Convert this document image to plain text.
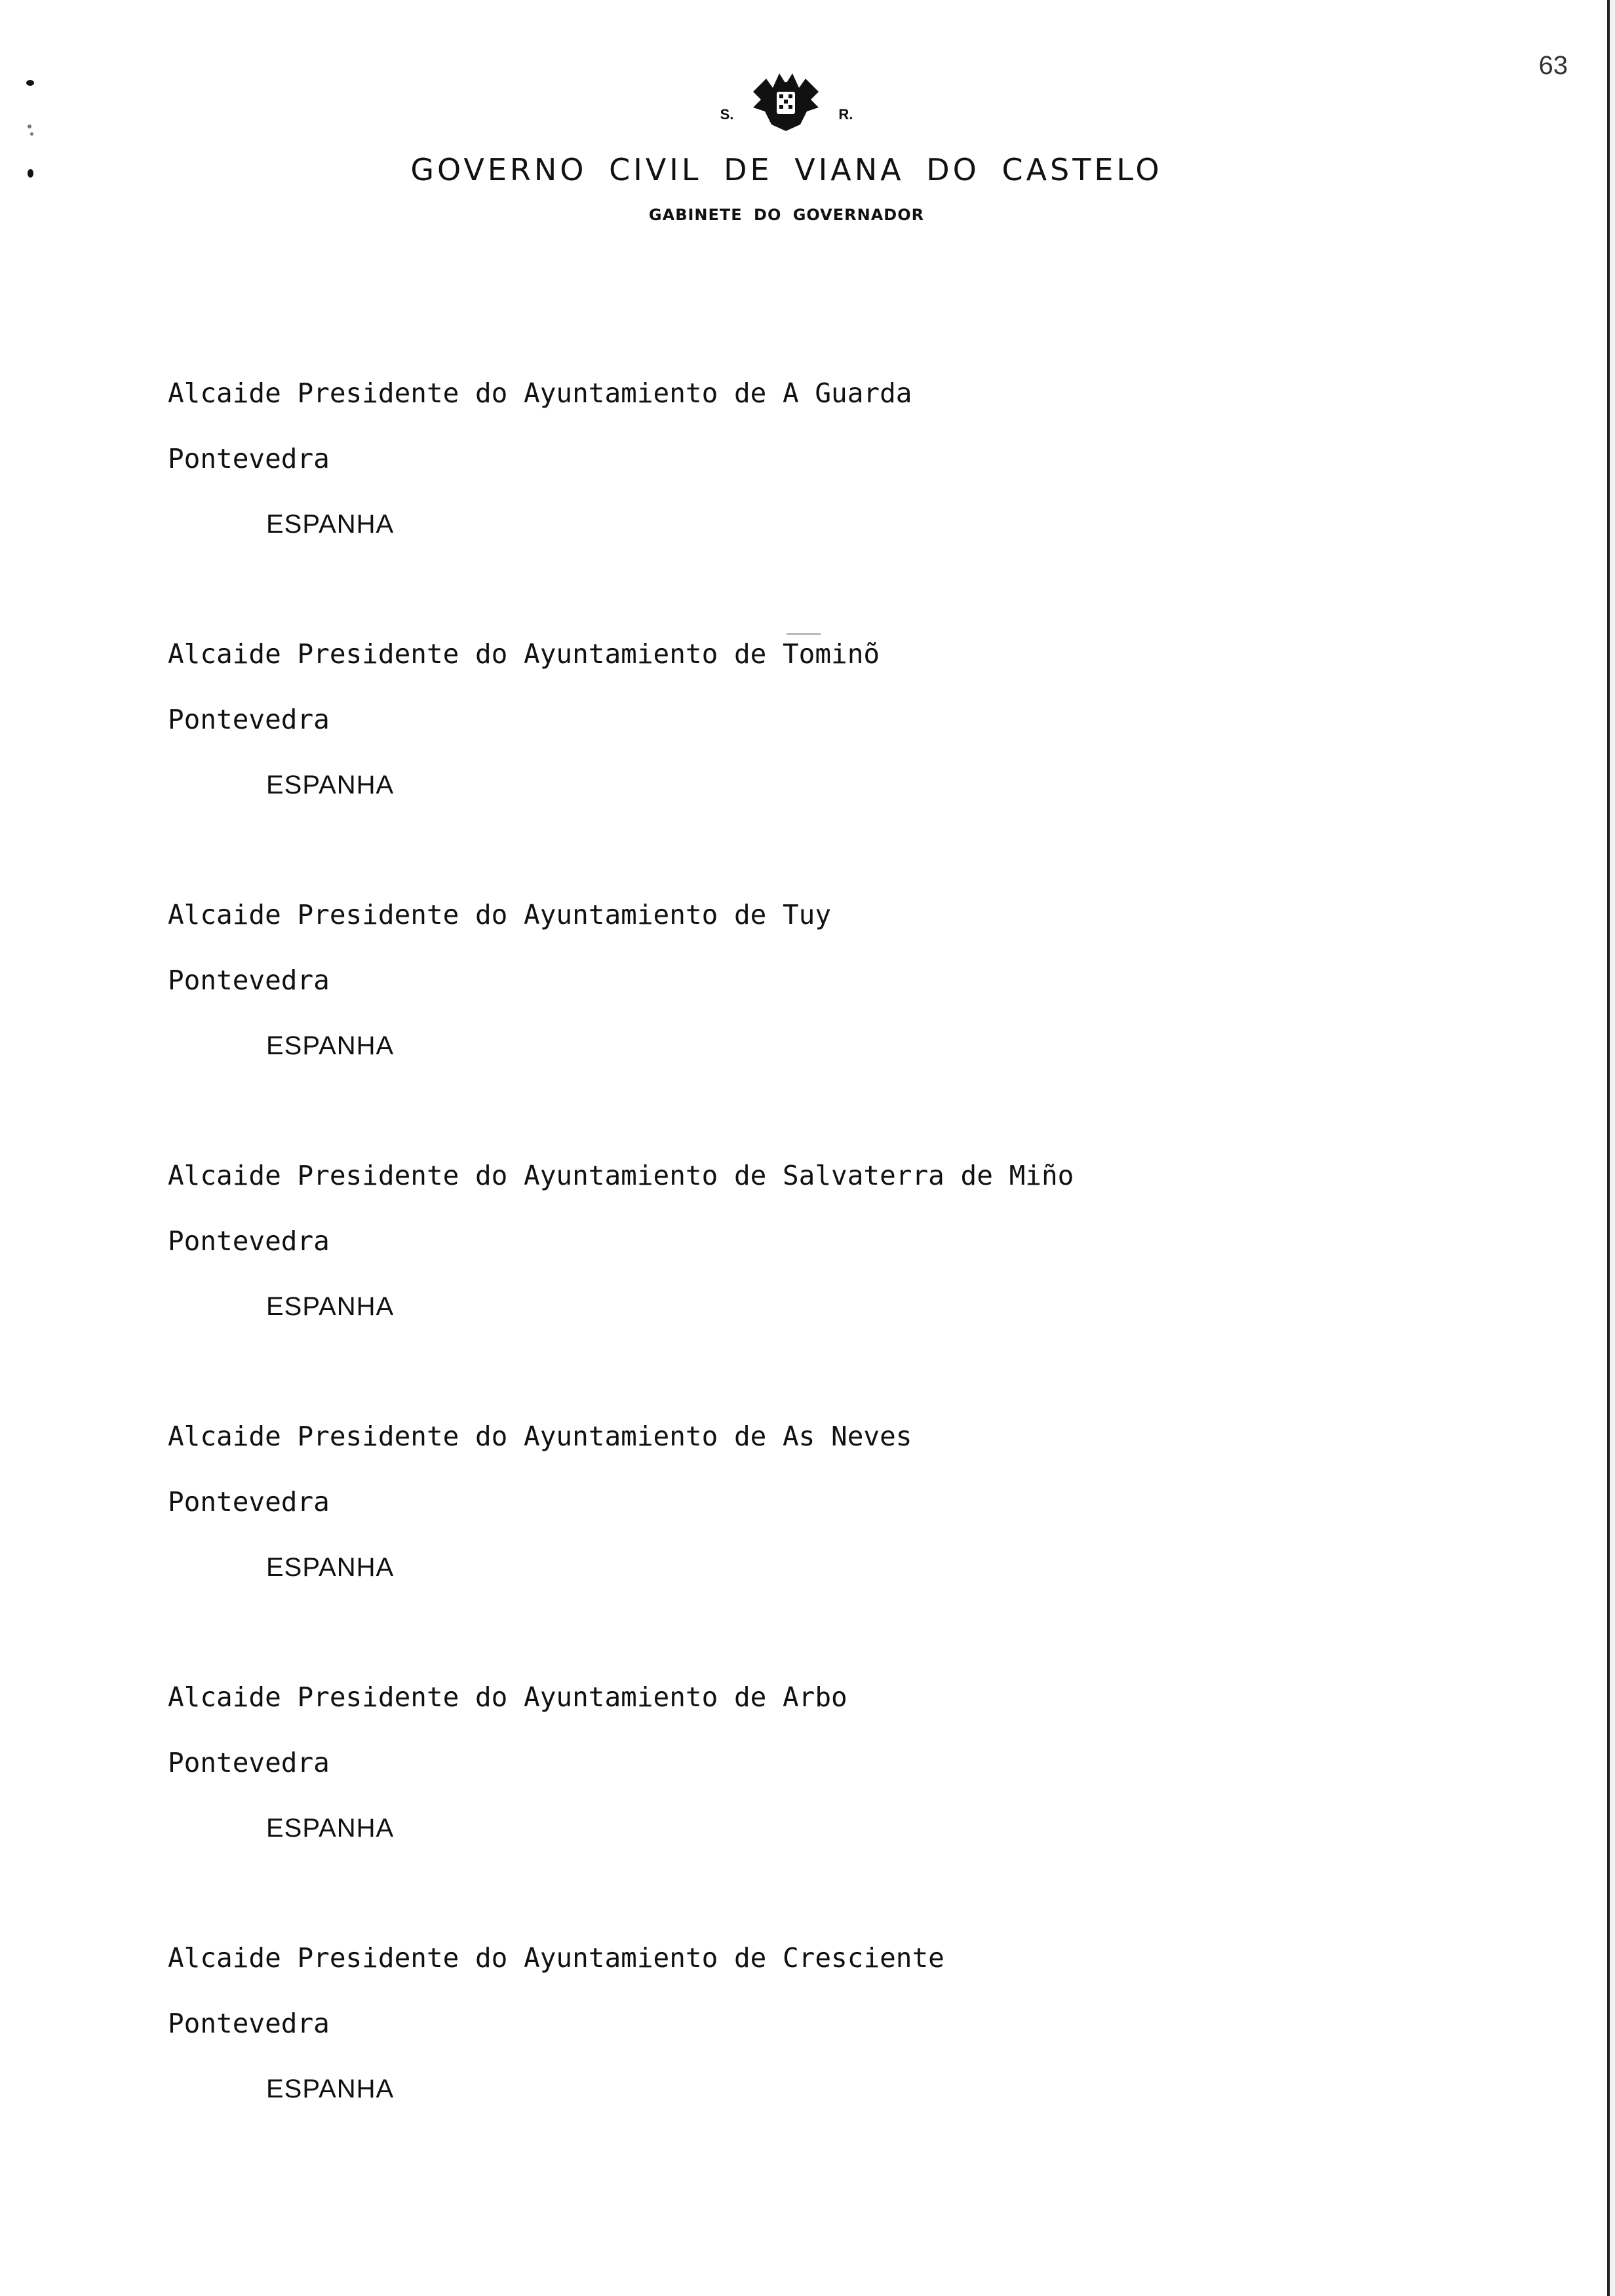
63
S.	R.
GOVERNO CIVIL DE VIANA DO CASTELO
GABINETE DO GOVERNADOR
Alcaide Presidente do Ayuntamiento de A Guarda
Pontevedra
ESPANHA
Alcaide Presidente do Ayuntamiento de Tominõ
Pontevedra
ESPANHA
Alcaide Presidente do Ayuntamiento de Tuy
Pontevedra
ESPANHA
Alcaide Presidente do Ayuntamiento de Salvaterra de Miño
Pontevedra
ESPANHA
Alcaide Presidente do Ayuntamiento de As Neves
Pontevedra
ESPANHA
Alcaide Presidente do Ayuntamiento de Arbo
Pontevedra
ESPANHA
Alcaide Presidente do Ayuntamiento de Cresciente
Pontevedra
ESPANHA
